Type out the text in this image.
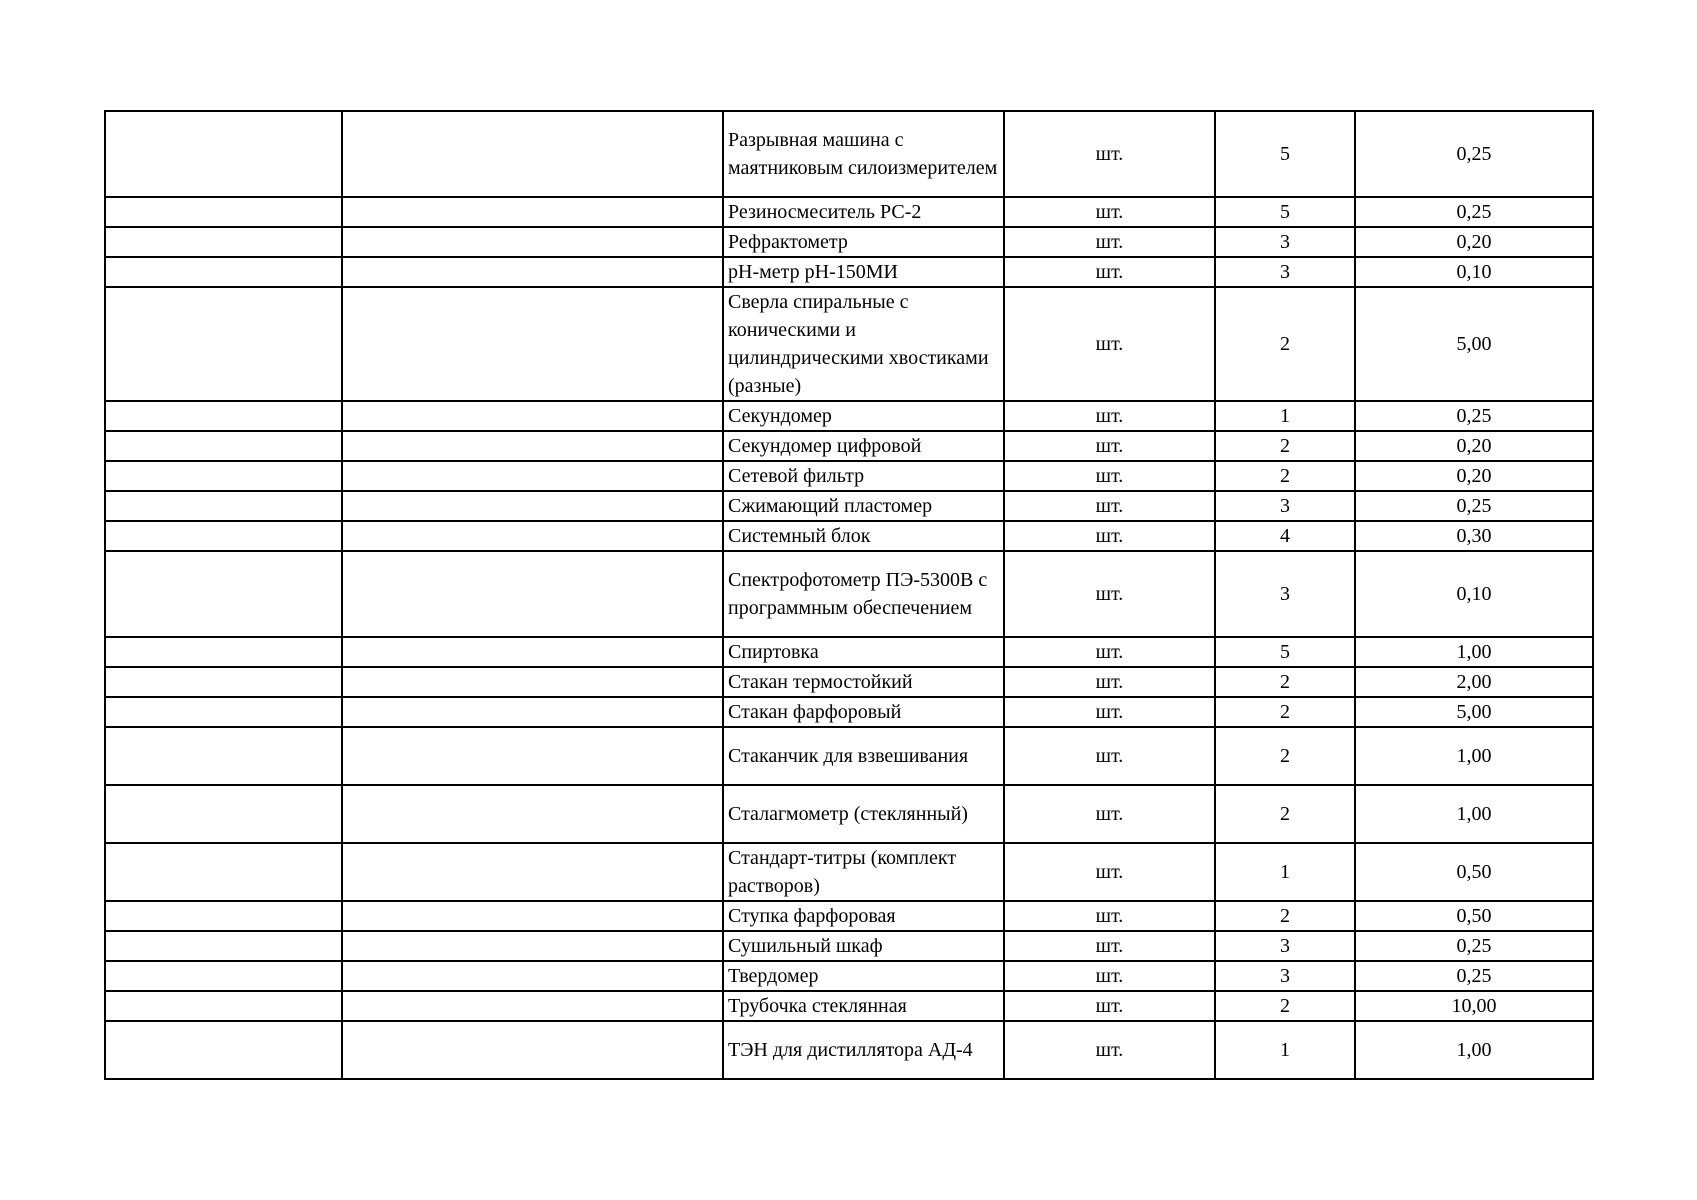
		Разрывная машина с маятниковым силоизмерителем	шт.	5	0,25
		Резиносмеситель РС-2	шт.	5	0,25
		Рефрактометр	шт.	3	0,20
		рН-метр рН-150МИ	шт.	3	0,10
		Сверла спиральные с коническими и цилиндрическими хвостиками (разные)	шт.	2	5,00
		Секундомер	шт.	1	0,25
		Секундомер цифровой	шт.	2	0,20
		Сетевой фильтр	шт.	2	0,20
		Сжимающий пластомер	шт.	3	0,25
		Системный блок	шт.	4	0,30
		Спектрофотометр ПЭ-5300В с программным обеспечением	шт.	3	0,10
		Спиртовка	шт.	5	1,00
		Стакан термостойкий	шт.	2	2,00
		Стакан фарфоровый	шт.	2	5,00
		Стаканчик для взвешивания	шт.	2	1,00
		Сталагмометр (стеклянный)	шт.	2	1,00
		Стандарт-титры (комплект растворов)	шт.	1	0,50
		Ступка фарфоровая	шт.	2	0,50
		Сушильный шкаф	шт.	3	0,25
		Твердомер	шт.	3	0,25
		Трубочка стеклянная	шт.	2	10,00
		ТЭН для дистиллятора АД-4	шт.	1	1,00
